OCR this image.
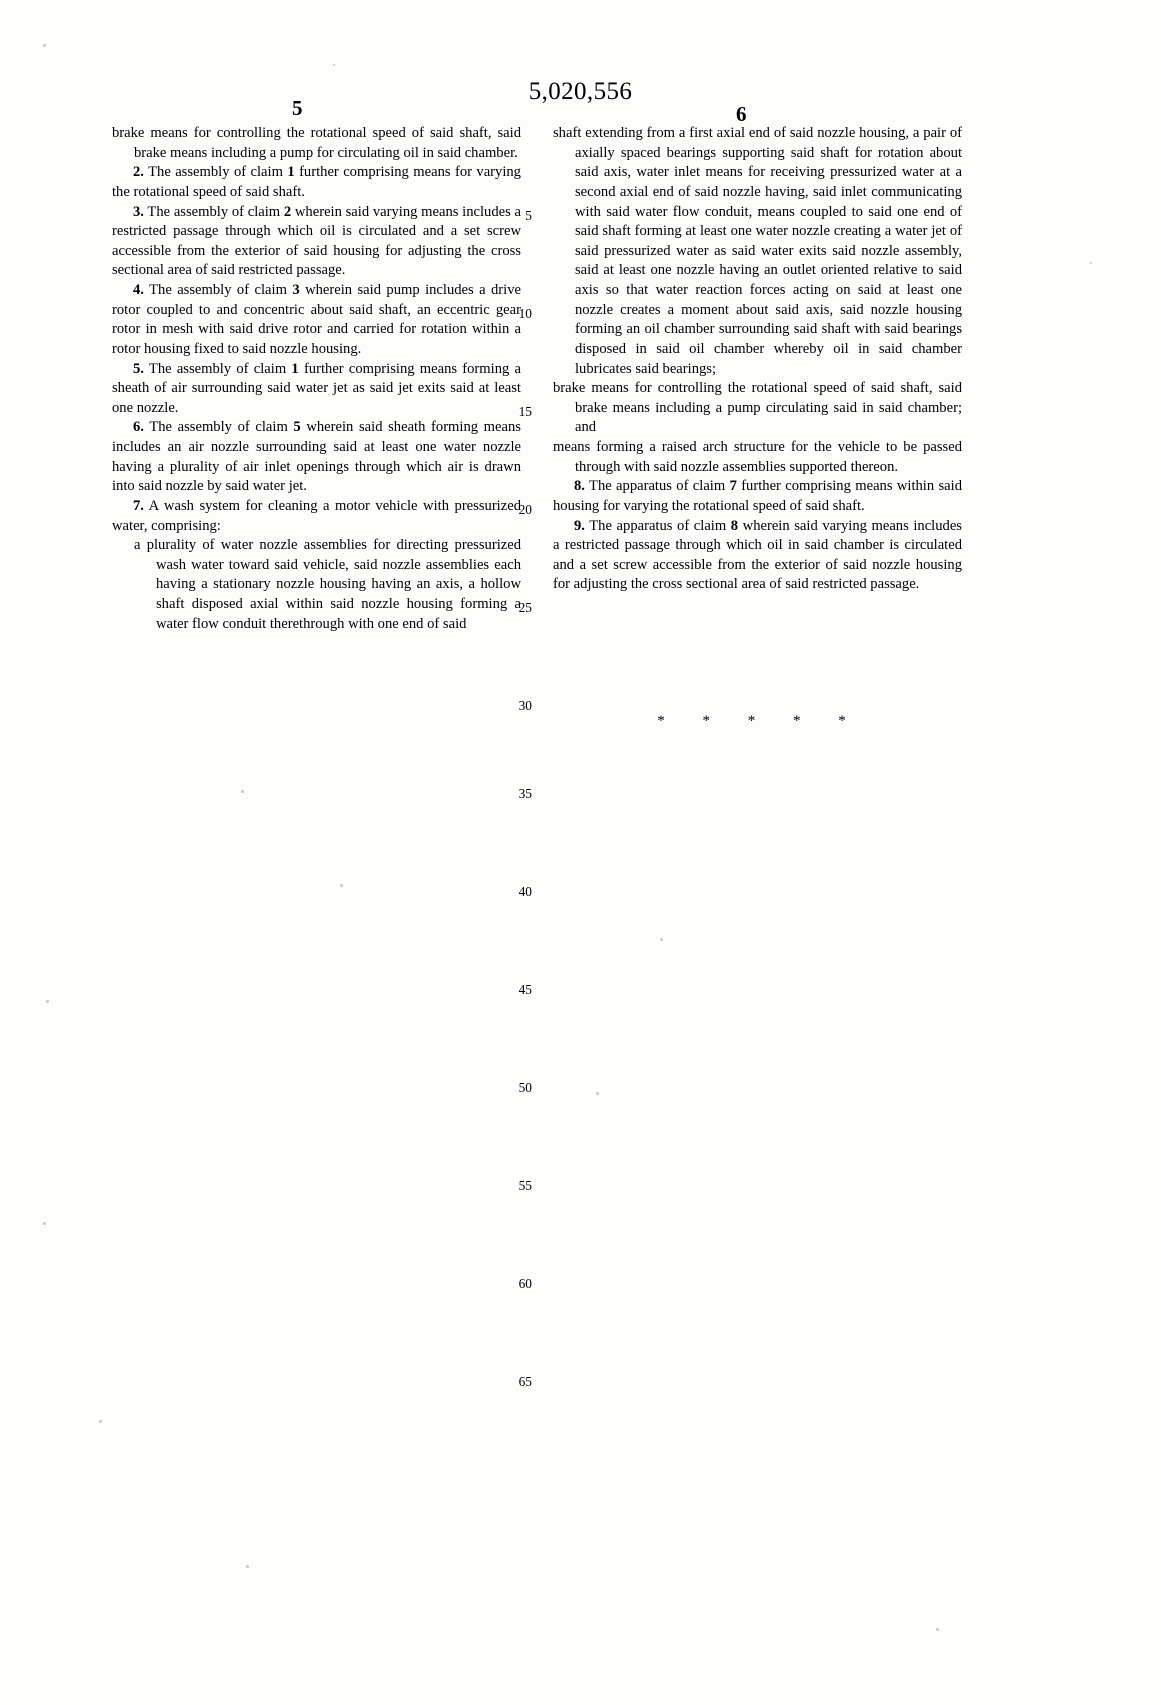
5,020,556
5	6

brake means for controlling the rotational speed of said shaft, said brake means including a pump for circulating oil in said chamber.

2. The assembly of claim 1 further comprising means for varying the rotational speed of said shaft.

3. The assembly of claim 2 wherein said varying means includes a restricted passage through which oil is circulated and a set screw accessible from the exterior of said housing for adjusting the cross sectional area of said restricted passage.

4. The assembly of claim 3 wherein said pump includes a drive rotor coupled to and concentric about said shaft, an eccentric gear rotor in mesh with said drive rotor and carried for rotation within a rotor housing fixed to said nozzle housing.

5. The assembly of claim 1 further comprising means forming a sheath of air surrounding said water jet as said jet exits said at least one nozzle.

6. The assembly of claim 5 wherein said sheath forming means includes an air nozzle surrounding said at least one water nozzle having a plurality of air inlet openings through which air is drawn into said nozzle by said water jet.

7. A wash system for cleaning a motor vehicle with pressurized water, comprising:

a plurality of water nozzle assemblies for directing pressurized wash water toward said vehicle, said nozzle assemblies each having a stationary nozzle housing having an axis, a hollow shaft disposed axial within said nozzle housing forming a water flow conduit therethrough with one end of said

shaft extending from a first axial end of said nozzle housing, a pair of axially spaced bearings supporting said shaft for rotation about said axis, water inlet means for receiving pressurized water at a second axial end of said nozzle having, said inlet communicating with said water flow conduit, means coupled to said one end of said shaft forming at least one water nozzle creating a water jet of said pressurized water as said water exits said nozzle assembly, said at least one nozzle having an outlet oriented relative to said axis so that water reaction forces acting on said at least one nozzle creates a moment about said axis, said nozzle housing forming an oil chamber surrounding said shaft with said bearings disposed in said oil chamber whereby oil in said chamber lubricates said bearings;

brake means for controlling the rotational speed of said shaft, said brake means including a pump circulating said in said chamber; and

means forming a raised arch structure for the vehicle to be passed through with said nozzle assemblies supported thereon.

8. The apparatus of claim 7 further comprising means within said housing for varying the rotational speed of said shaft.

9. The apparatus of claim 8 wherein said varying means includes a restricted passage through which oil in said chamber is circulated and a set screw accessible from the exterior of said nozzle housing for adjusting the cross sectional area of said restricted passage.

5
10
15
20
25
30
35
40
45
50
55
60
65
* * * * *
